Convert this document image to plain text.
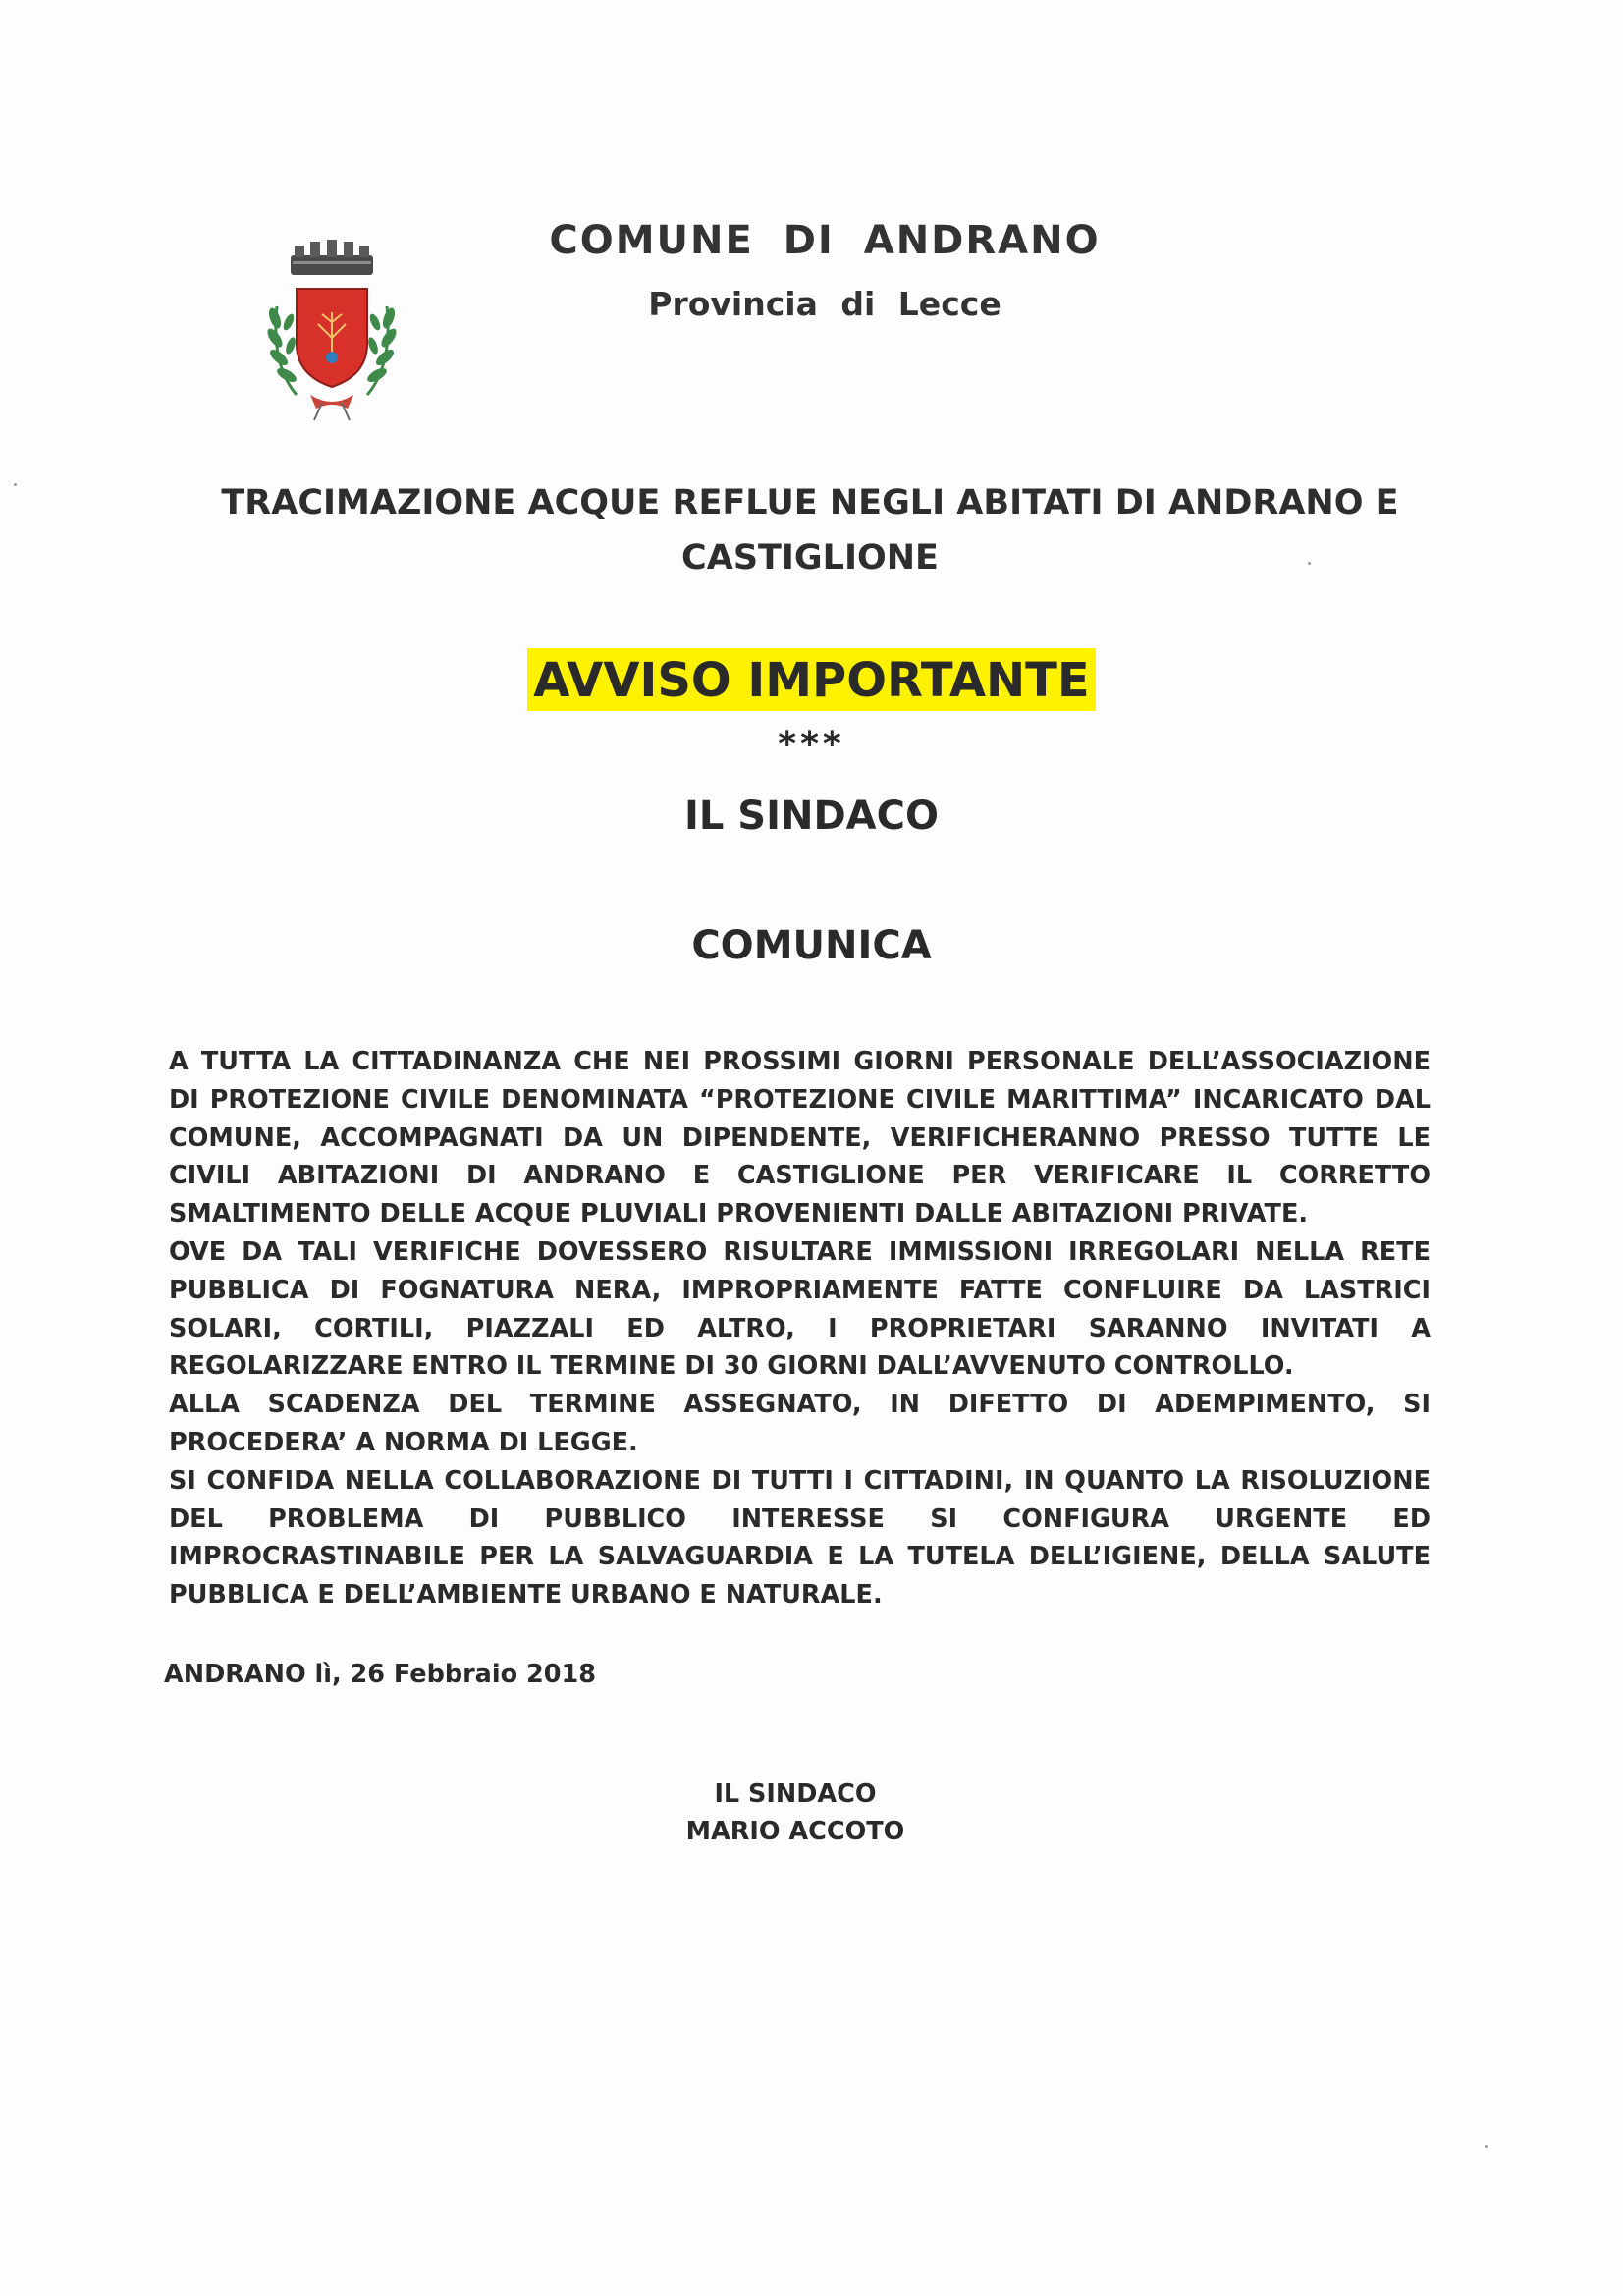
COMUNE DI ANDRANO
Provincia di Lecce
TRACIMAZIONE ACQUE REFLUE NEGLI ABITATI DI ANDRANO E
CASTIGLIONE
AVVISO IMPORTANTE
***
IL SINDACO
COMUNICA

A TUTTA LA CITTADINANZA CHE NEI PROSSIMI GIORNI PERSONALE DELL’ASSOCIAZIONE DI PROTEZIONE CIVILE DENOMINATA “PROTEZIONE CIVILE MARITTIMA” INCARICATO DAL COMUNE, ACCOMPAGNATI DA UN DIPENDENTE, VERIFICHERANNO PRESSO TUTTE LE CIVILI ABITAZIONI DI ANDRANO E CASTIGLIONE PER VERIFICARE IL CORRETTO SMALTIMENTO DELLE ACQUE PLUVIALI PROVENIENTI DALLE ABITAZIONI PRIVATE.

OVE DA TALI VERIFICHE DOVESSERO RISULTARE IMMISSIONI IRREGOLARI NELLA RETE PUBBLICA DI FOGNATURA NERA, IMPROPRIAMENTE FATTE CONFLUIRE DA LASTRICI SOLARI, CORTILI, PIAZZALI ED ALTRO, I PROPRIETARI SARANNO INVITATI A REGOLARIZZARE ENTRO IL TERMINE DI 30 GIORNI DALL’AVVENUTO CONTROLLO.

ALLA SCADENZA DEL TERMINE ASSEGNATO, IN DIFETTO DI ADEMPIMENTO, SI PROCEDERA’ A NORMA DI LEGGE.

SI CONFIDA NELLA COLLABORAZIONE DI TUTTI I CITTADINI, IN QUANTO LA RISOLUZIONE DEL PROBLEMA DI PUBBLICO INTERESSE SI CONFIGURA URGENTE ED IMPROCRASTINABILE PER LA SALVAGUARDIA E LA TUTELA DELL’IGIENE, DELLA SALUTE PUBBLICA E DELL’AMBIENTE URBANO E NATURALE.

ANDRANO lì, 26 Febbraio 2018
IL SINDACO
MARIO ACCOTO
